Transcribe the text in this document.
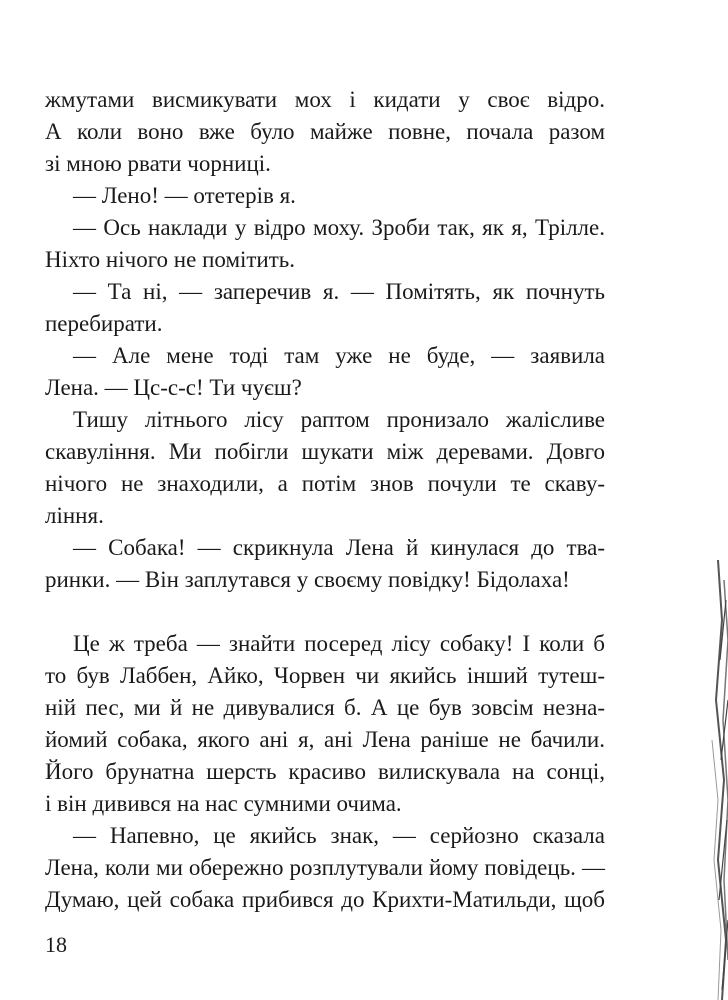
жмутами висмикувати мох і кидати у своє відро.
А коли воно вже було майже повне, почала разом
зі мною рвати чорниці.
— Лено! — отетерів я.
— Ось наклади у відро моху. Зроби так, як я, Трілле.
Ніхто нічого не помітить.
— Та ні, — заперечив я. — Помітять, як почнуть
перебирати.
— Але мене тоді там уже не буде, — заявила
Лена. — Цс-с-с! Ти чуєш?
Тишу літнього лісу раптом пронизало жалісливе
скавуління. Ми побігли шукати між деревами. Довго
нічого не знаходили, а потім знов почули те скаву-
ління.
— Собака! — скрикнула Лена й кинулася до тва-
ринки. — Він заплутався у своєму повідку! Бідолаха!
Це ж треба — знайти посеред лісу собаку! І коли б
то був Лаббен, Айко, Чорвен чи якийсь інший тутеш-
ній пес, ми й не дивувалися б. А це був зовсім незна-
йомий собака, якого ані я, ані Лена раніше не бачили.
Його брунатна шерсть красиво вилискувала на сонці,
і він дивився на нас сумними очима.
— Напевно, це якийсь знак, — серйозно сказала
Лена, коли ми обережно розплутували йому повідець. —
Думаю, цей собака прибився до Крихти-Матильди, щоб
18
